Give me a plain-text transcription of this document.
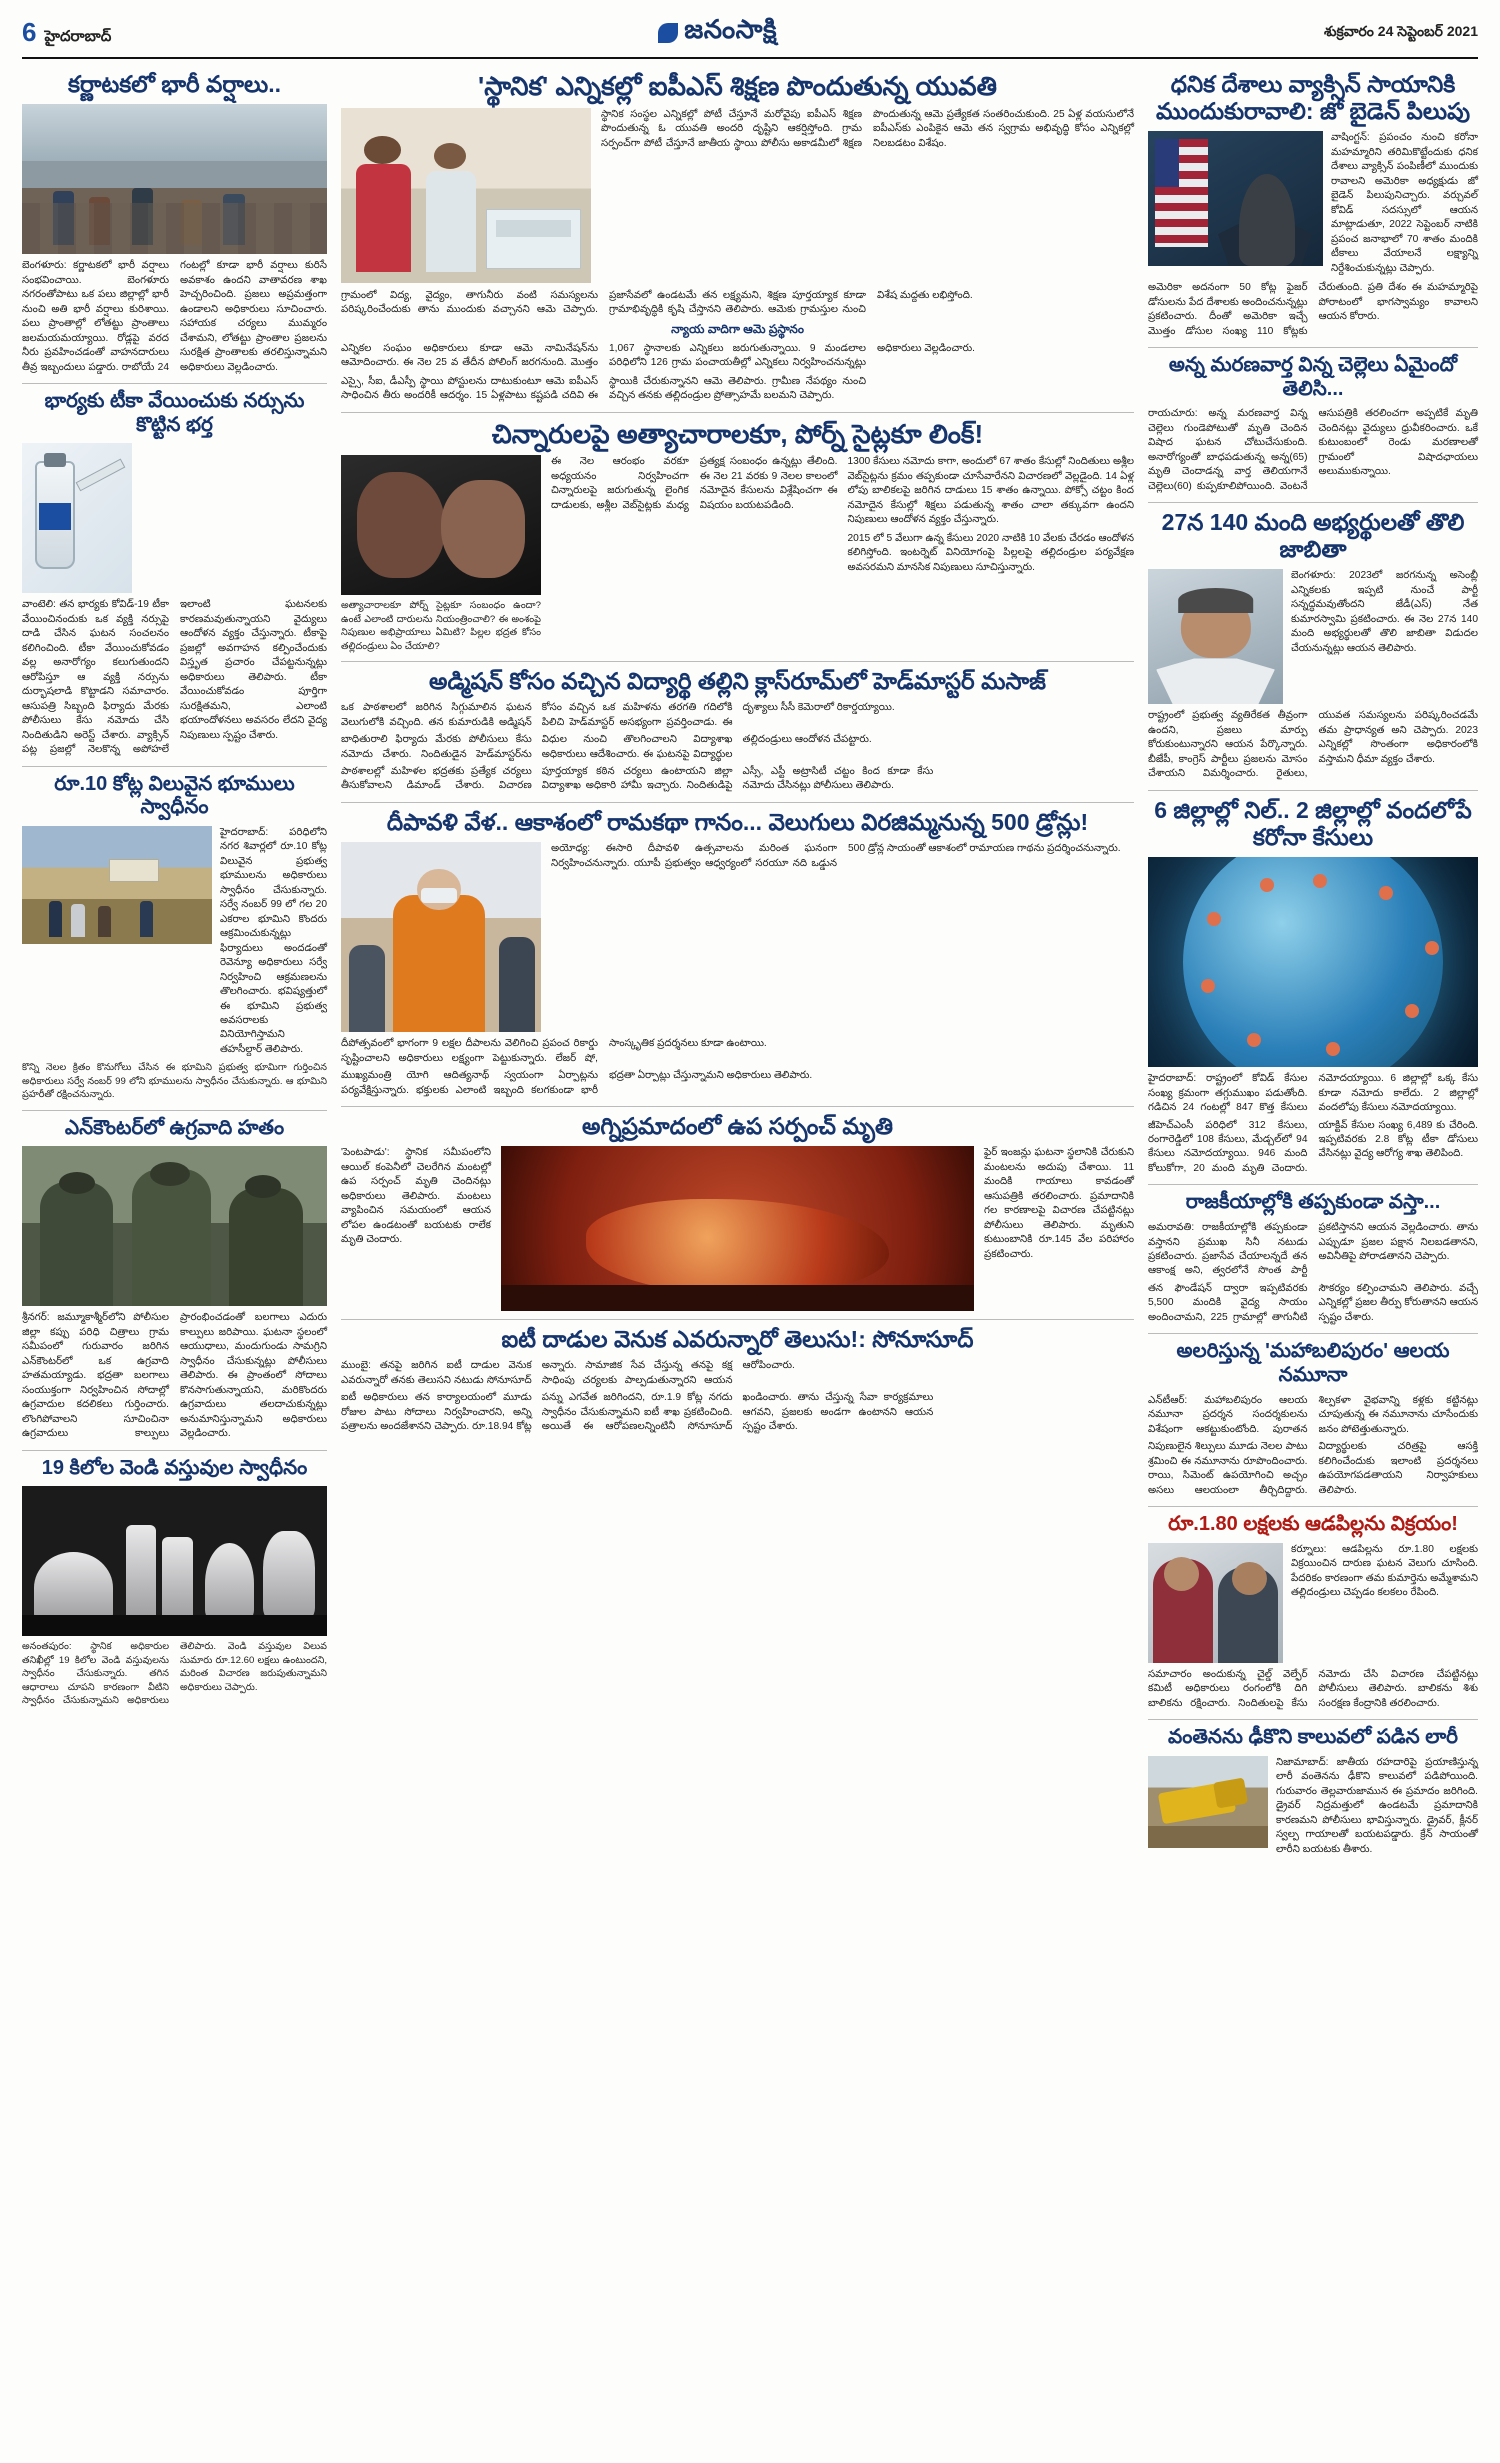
6 హైదరాబాద్	జనంసాక్షి	శుక్రవారం 24 సెప్టెంబర్ 2021
కర్ణాటకలో భారీ వర్షాలు..
బెంగళూరు: కర్ణాటకలో భారీ వర్షాలు సంభవించాయి. బెంగళూరు నగరంతోపాటు ఒక పలు జిల్లాల్లో భారీ నుంచి అతి భారీ వర్షాలు కురిశాయి. పలు ప్రాంతాల్లో లోతట్టు ప్రాంతాలు జలమయమయ్యాయి. రోడ్లపై వరద నీరు ప్రవహించడంతో వాహనదారులు తీవ్ర ఇబ్బందులు పడ్డారు. రాబోయే 24 గంటల్లో కూడా భారీ వర్షాలు కురిసే అవకాశం ఉందని వాతావరణ శాఖ హెచ్చరించింది. ప్రజలు అప్రమత్తంగా ఉండాలని అధికారులు సూచించారు. సహాయక చర్యలు ముమ్మరం చేశామని, లోతట్టు ప్రాంతాల ప్రజలను సురక్షిత ప్రాంతాలకు తరలిస్తున్నామని అధికారులు వెల్లడించారు.
భార్యకు టీకా వేయించుకు నర్సును కొట్టిన భర్త
వాంటెలి: తన భార్యకు కోవిడ్-19 టీకా వేయించినందుకు ఒక వ్యక్తి నర్సుపై దాడి చేసిన ఘటన సంచలనం కలిగించింది. టీకా వేయించుకోవడం వల్ల అనారోగ్యం కలుగుతుందని ఆరోపిస్తూ ఆ వ్యక్తి నర్సును దుర్భాషలాడి కొట్టాడని సమాచారం. ఆసుపత్రి సిబ్బంది ఫిర్యాదు మేరకు పోలీసులు కేసు నమోదు చేసి నిందితుడిని అరెస్ట్ చేశారు. వ్యాక్సిన్ పట్ల ప్రజల్లో నెలకొన్న అపోహలే ఇలాంటి ఘటనలకు కారణమవుతున్నాయని వైద్యులు ఆందోళన వ్యక్తం చేస్తున్నారు. టీకాపై ప్రజల్లో అవగాహన కల్పించేందుకు విస్తృత ప్రచారం చేపట్టనున్నట్లు అధికారులు తెలిపారు. టీకా వేయించుకోవడం పూర్తిగా సురక్షితమని, ఎలాంటి భయాందోళనలు అవసరం లేదని వైద్య నిపుణులు స్పష్టం చేశారు.
రూ.10 కోట్ల విలువైన భూములు స్వాధీనం
హైదరాబాద్: పరిధిలోని నగర శివార్లలో రూ.10 కోట్ల విలువైన ప్రభుత్వ భూములను అధికారులు స్వాధీనం చేసుకున్నారు. సర్వే నంబర్ 99 లో గల 20 ఎకరాల భూమిని కొందరు ఆక్రమించుకున్నట్లు ఫిర్యాదులు అందడంతో రెవెన్యూ అధికారులు సర్వే నిర్వహించి ఆక్రమణలను తొలగించారు. భవిష్యత్తులో ఈ భూమిని ప్రభుత్వ అవసరాలకు వినియోగిస్తామని తహసీల్దార్ తెలిపారు.
కొన్ని నెలల క్రితం కొనుగోలు చేసిన ఈ భూమిని ప్రభుత్వ భూమిగా గుర్తించిన అధికారులు సర్వే నంబర్ 99 లోని భూములను స్వాధీనం చేసుకున్నారు. ఆ భూమిని ప్రహరీతో రక్షించనున్నారు.
ఎన్‌కౌంటర్‌లో ఉగ్రవాది హతం
శ్రీనగర్: జమ్మూకాశ్మీర్‌లోని పోలీసుల జిల్లా కప్పు పరిధి చిత్రాలు గ్రామ సమీపంలో గురువారం జరిగిన ఎన్‌కౌంటర్‌లో ఒక ఉగ్రవాది హతమయ్యాడు. భద్రతా బలగాలు సంయుక్తంగా నిర్వహించిన సోదాల్లో ఉగ్రవాదుల కదలికలు గుర్తించారు. లొంగిపోవాలని సూచించినా ఉగ్రవాదులు కాల్పులు ప్రారంభించడంతో బలగాలు ఎదురు కాల్పులు జరిపాయి. ఘటనా స్థలంలో ఆయుధాలు, మందుగుండు సామగ్రిని స్వాధీనం చేసుకున్నట్లు పోలీసులు తెలిపారు. ఈ ప్రాంతంలో సోదాలు కొనసాగుతున్నాయని, మరికొందరు ఉగ్రవాదులు తలదాచుకున్నట్లు అనుమానిస్తున్నామని అధికారులు వెల్లడించారు.
19 కిలోల వెండి వస్తువుల స్వాధీనం
అనంతపురం: స్థానిక అధికారుల తనిఖీల్లో 19 కిలోల వెండి వస్తువులను స్వాధీనం చేసుకున్నారు. తగిన ఆధారాలు చూపని కారణంగా వీటిని స్వాధీనం చేసుకున్నామని అధికారులు తెలిపారు. వెండి వస్తువుల విలువ సుమారు రూ.12.60 లక్షలు ఉంటుందని, మరింత విచారణ జరుపుతున్నామని అధికారులు చెప్పారు.
'స్థానిక' ఎన్నికల్లో ఐపీఎస్ శిక్షణ పొందుతున్న యువతి
స్థానిక సంస్థల ఎన్నికల్లో పోటీ చేస్తూనే మరోవైపు ఐపీఎస్ శిక్షణ పొందుతున్న ఓ యువతి అందరి దృష్టిని ఆకర్షిస్తోంది. గ్రామ సర్పంచ్‌గా పోటీ చేస్తూనే జాతీయ స్థాయి పోలీసు అకాడమీలో శిక్షణ పొందుతున్న ఆమె ప్రత్యేకత సంతరించుకుంది. 25 ఏళ్ల వయసులోనే ఐపీఎస్‌కు ఎంపికైన ఆమె తన స్వగ్రామ అభివృద్ధి కోసం ఎన్నికల్లో నిలబడటం విశేషం.
గ్రామంలో విద్య, వైద్యం, తాగునీరు వంటి సమస్యలను పరిష్కరించేందుకు తాను ముందుకు వచ్చానని ఆమె చెప్పారు. ప్రజాసేవలో ఉండటమే తన లక్ష్యమని, శిక్షణ పూర్తయ్యాక కూడా గ్రామాభివృద్ధికి కృషి చేస్తానని తెలిపారు. ఆమెకు గ్రామస్తుల నుంచి విశేష మద్దతు లభిస్తోంది.
న్యాయ వాదిగా ఆమె ప్రస్థానం
ఎన్నికల సంఘం అధికారులు కూడా ఆమె నామినేషన్‌ను ఆమోదించారు. ఈ నెల 25 వ తేదీన పోలింగ్ జరగనుంది. మొత్తం 1,067 స్థానాలకు ఎన్నికలు జరుగుతున్నాయి. 9 మండలాల పరిధిలోని 126 గ్రామ పంచాయతీల్లో ఎన్నికలు నిర్వహించనున్నట్లు అధికారులు వెల్లడించారు.
ఎస్సై, సీఐ, డీఎస్పీ స్థాయి పోస్టులను దాటుకుంటూ ఆమె ఐపీఎస్ సాధించిన తీరు అందరికీ ఆదర్శం. 15 ఏళ్లపాటు కష్టపడి చదివి ఈ స్థాయికి చేరుకున్నానని ఆమె తెలిపారు. గ్రామీణ నేపథ్యం నుంచి వచ్చిన తనకు తల్లిదండ్రుల ప్రోత్సాహమే బలమని చెప్పారు.
చిన్నారులపై అత్యాచారాలకూ, పోర్న్ సైట్లకూ లింక్!
అత్యాచారాలకూ పోర్న్ సైట్లకూ సంబంధం ఉందా? ఉంటే ఎలాంటి దారులను నియంత్రించాలి? ఈ అంశంపై నిపుణుల అభిప్రాయాలు ఏమిటి? పిల్లల భద్రత కోసం తల్లిదండ్రులు ఏం చేయాలి?
ఈ నెల ఆరంభం వరకూ అధ్యయనం నిర్వహించగా చిన్నారులపై జరుగుతున్న లైంగిక దాడులకు, అశ్లీల వెబ్‌సైట్లకు మధ్య ప్రత్యక్ష సంబంధం ఉన్నట్లు తేలింది. ఈ నెల 21 వరకు 9 నెలల కాలంలో నమోదైన కేసులను విశ్లేషించగా ఈ విషయం బయటపడింది.
1300 కేసులు నమోదు కాగా, అందులో 67 శాతం కేసుల్లో నిందితులు అశ్లీల వెబ్‌సైట్లను క్రమం తప్పకుండా చూసేవారేనని విచారణలో వెల్లడైంది. 14 ఏళ్ల లోపు బాలికలపై జరిగిన దాడులు 15 శాతం ఉన్నాయి. పోక్సో చట్టం కింద నమోదైన కేసుల్లో శిక్షలు పడుతున్న శాతం చాలా తక్కువగా ఉందని నిపుణులు ఆందోళన వ్యక్తం చేస్తున్నారు.
2015 లో 5 వేలుగా ఉన్న కేసులు 2020 నాటికి 10 వేలకు చేరడం ఆందోళన కలిగిస్తోంది. ఇంటర్నెట్ వినియోగంపై పిల్లలపై తల్లిదండ్రుల పర్యవేక్షణ అవసరమని మానసిక నిపుణులు సూచిస్తున్నారు.
అడ్మిషన్ కోసం వచ్చిన విద్యార్థి తల్లిని క్లాస్‌రూమ్‌లో హెడ్‌మాస్టర్ మసాజ్
ఒక పాఠశాలలో జరిగిన సిగ్గుమాలిన ఘటన వెలుగులోకి వచ్చింది. తన కుమారుడికి అడ్మిషన్ కోసం వచ్చిన ఒక మహిళను తరగతి గదిలోకి పిలిచి హెడ్‌మాస్టర్ అసభ్యంగా ప్రవర్తించాడు. ఈ దృశ్యాలు సీసీ కెమెరాలో రికార్డయ్యాయి.
బాధితురాలి ఫిర్యాదు మేరకు పోలీసులు కేసు నమోదు చేశారు. నిందితుడైన హెడ్‌మాస్టర్‌ను విధుల నుంచి తొలగించాలని విద్యాశాఖ అధికారులు ఆదేశించారు. ఈ ఘటనపై విద్యార్థుల తల్లిదండ్రులు ఆందోళన చేపట్టారు.
పాఠశాలల్లో మహిళల భద్రతకు ప్రత్యేక చర్యలు తీసుకోవాలని డిమాండ్ చేశారు. విచారణ పూర్తయ్యాక కఠిన చర్యలు ఉంటాయని జిల్లా విద్యాశాఖ అధికారి హామీ ఇచ్చారు. నిందితుడిపై ఎస్సీ, ఎస్టీ అట్రాసిటీ చట్టం కింద కూడా కేసు నమోదు చేసినట్లు పోలీసులు తెలిపారు.
దీపావళి వేళ.. ఆకాశంలో రామకథా గానం... వెలుగులు విరజిమ్మనున్న 500 డ్రోన్లు!
అయోధ్య: ఈసారి దీపావళి ఉత్సవాలను మరింత ఘనంగా నిర్వహించనున్నారు. యూపీ ప్రభుత్వం ఆధ్వర్యంలో సరయూ నది ఒడ్డున 500 డ్రోన్ల సాయంతో ఆకాశంలో రామాయణ గాథను ప్రదర్శించనున్నారు.
దీపోత్సవంలో భాగంగా 9 లక్షల దీపాలను వెలిగించి ప్రపంచ రికార్డు సృష్టించాలని అధికారులు లక్ష్యంగా పెట్టుకున్నారు. లేజర్ షో, సాంస్కృతిక ప్రదర్శనలు కూడా ఉంటాయి.
ముఖ్యమంత్రి యోగి ఆదిత్యనాథ్ స్వయంగా ఏర్పాట్లను పర్యవేక్షిస్తున్నారు. భక్తులకు ఎలాంటి ఇబ్బంది కలగకుండా భారీ భద్రతా ఏర్పాట్లు చేస్తున్నామని అధికారులు తెలిపారు.
అగ్నిప్రమాదంలో ఉప సర్పంచ్ మృతి
'పెంటపాడు': స్థానిక సమీపంలోని ఆయిల్ కంపెనీలో చెలరేగిన మంటల్లో ఉప సర్పంచ్ మృతి చెందినట్లు అధికారులు తెలిపారు. మంటలు వ్యాపించిన సమయంలో ఆయన లోపల ఉండటంతో బయటకు రాలేక మృతి చెందారు.
ఫైర్ ఇంజన్లు ఘటనా స్థలానికి చేరుకుని మంటలను అదుపు చేశాయి. 11 మందికి గాయాలు కావడంతో ఆసుపత్రికి తరలించారు. ప్రమాదానికి గల కారణాలపై విచారణ చేపట్టినట్లు పోలీసులు తెలిపారు. మృతుని కుటుంబానికి రూ.145 వేల పరిహారం ప్రకటించారు.
ఐటీ దాడుల వెనుక ఎవరున్నారో తెలుసు!: సోనూసూద్
ముంబై: తనపై జరిగిన ఐటీ దాడుల వెనుక ఎవరున్నారో తనకు తెలుసని నటుడు సోనూసూద్ అన్నారు. సామాజిక సేవ చేస్తున్న తనపై కక్ష సాధింపు చర్యలకు పాల్పడుతున్నారని ఆయన ఆరోపించారు.
ఐటీ అధికారులు తన కార్యాలయంలో మూడు రోజుల పాటు సోదాలు నిర్వహించారని, అన్ని పత్రాలను అందజేశానని చెప్పారు. రూ.18.94 కోట్ల పన్ను ఎగవేత జరిగిందని, రూ.1.9 కోట్ల నగదు స్వాధీనం చేసుకున్నామని ఐటీ శాఖ ప్రకటించింది. అయితే ఈ ఆరోపణలన్నింటినీ సోనూసూద్ ఖండించారు. తాను చేస్తున్న సేవా కార్యక్రమాలు ఆగవని, ప్రజలకు అండగా ఉంటానని ఆయన స్పష్టం చేశారు.
ధనిక దేశాలు వ్యాక్సిన్ సాయానికి ముందుకురావాలి: జో బైడెన్ పిలుపు
వాషింగ్టన్: ప్రపంచం నుంచి కరోనా మహమ్మారిని తరిమికొట్టేందుకు ధనిక దేశాలు వ్యాక్సిన్ పంపిణీలో ముందుకు రావాలని అమెరికా అధ్యక్షుడు జో బైడెన్ పిలుపునిచ్చారు. వర్చువల్ కోవిడ్ సదస్సులో ఆయన మాట్లాడుతూ, 2022 సెప్టెంబర్ నాటికి ప్రపంచ జనాభాలో 70 శాతం మందికి టీకాలు వేయాలనే లక్ష్యాన్ని నిర్దేశించుకున్నట్లు చెప్పారు.
అమెరికా అదనంగా 50 కోట్ల ఫైజర్ డోసులను పేద దేశాలకు అందించనున్నట్లు ప్రకటించారు. దీంతో అమెరికా ఇచ్చే మొత్తం డోసుల సంఖ్య 110 కోట్లకు చేరుతుంది. ప్రతి దేశం ఈ మహమ్మారిపై పోరాటంలో భాగస్వామ్యం కావాలని ఆయన కోరారు.
అన్న మరణవార్త విన్న చెల్లెలు ఏమైందో తెలిసి...
రాయచూరు: అన్న మరణవార్త విన్న చెల్లెలు గుండెపోటుతో మృతి చెందిన విషాద ఘటన చోటుచేసుకుంది. అనారోగ్యంతో బాధపడుతున్న అన్న(65) మృతి చెందాడన్న వార్త తెలియగానే చెల్లెలు(60) కుప్పకూలిపోయింది. వెంటనే ఆసుపత్రికి తరలించగా అప్పటికే మృతి చెందినట్లు వైద్యులు ధ్రువీకరించారు. ఒకే కుటుంబంలో రెండు మరణాలతో గ్రామంలో విషాదఛాయలు అలుముకున్నాయి.
27న 140 మంది అభ్యర్థులతో తొలి జాబితా
బెంగళూరు: 2023లో జరగనున్న అసెంబ్లీ ఎన్నికలకు ఇప్పటి నుంచే పార్టీ సన్నద్ధమవుతోందని జేడీ(ఎస్) నేత కుమారస్వామి ప్రకటించారు. ఈ నెల 27న 140 మంది అభ్యర్థులతో తొలి జాబితా విడుదల చేయనున్నట్లు ఆయన తెలిపారు.
రాష్ట్రంలో ప్రభుత్వ వ్యతిరేకత తీవ్రంగా ఉందని, ప్రజలు మార్పు కోరుకుంటున్నారని ఆయన పేర్కొన్నారు. బీజేపీ, కాంగ్రెస్ పార్టీలు ప్రజలను మోసం చేశాయని విమర్శించారు. రైతులు, యువత సమస్యలను పరిష్కరించడమే తమ ప్రాధాన్యత అని చెప్పారు. 2023 ఎన్నికల్లో సొంతంగా అధికారంలోకి వస్తామని ధీమా వ్యక్తం చేశారు.
6 జిల్లాల్లో నిల్.. 2 జిల్లాల్లో వందలోపే కరోనా కేసులు
హైదరాబాద్: రాష్ట్రంలో కోవిడ్ కేసుల సంఖ్య క్రమంగా తగ్గుముఖం పడుతోంది. గడిచిన 24 గంటల్లో 847 కొత్త కేసులు నమోదయ్యాయి. 6 జిల్లాల్లో ఒక్క కేసు కూడా నమోదు కాలేదు. 2 జిల్లాల్లో వందలోపు కేసులు నమోదయ్యాయి.
జీహెచ్ఎంసీ పరిధిలో 312 కేసులు, రంగారెడ్డిలో 108 కేసులు, మేడ్చల్‌లో 94 కేసులు నమోదయ్యాయి. 946 మంది కోలుకోగా, 20 మంది మృతి చెందారు. యాక్టివ్ కేసుల సంఖ్య 6,489 కు చేరింది. ఇప్పటివరకు 2.8 కోట్ల టీకా డోసులు వేసినట్లు వైద్య ఆరోగ్య శాఖ తెలిపింది.
రాజకీయాల్లోకి తప్పకుండా వస్తా...
అమరావతి: రాజకీయాల్లోకి తప్పకుండా వస్తానని ప్రముఖ సినీ నటుడు ప్రకటించారు. ప్రజాసేవ చేయాలన్నదే తన ఆకాంక్ష అని, త్వరలోనే సొంత పార్టీ ప్రకటిస్తానని ఆయన వెల్లడించారు. తాను ఎప్పుడూ ప్రజల పక్షాన నిలబడతానని, అవినీతిపై పోరాడతానని చెప్పారు.
తన ఫౌండేషన్ ద్వారా ఇప్పటివరకు 5,500 మందికి వైద్య సాయం అందించామని, 225 గ్రామాల్లో తాగునీటి సౌకర్యం కల్పించామని తెలిపారు. వచ్చే ఎన్నికల్లో ప్రజల తీర్పు కోరుతానని ఆయన స్పష్టం చేశారు.
అలరిస్తున్న 'మహాబలిపురం' ఆలయ నమూనా
ఎన్‌టీఆర్: మహాబలిపురం ఆలయ నమూనా ప్రదర్శన సందర్శకులను విశేషంగా ఆకట్టుకుంటోంది. పురాతన శిల్పకళా వైభవాన్ని కళ్లకు కట్టినట్లు చూపుతున్న ఈ నమూనాను చూసేందుకు జనం పోటెత్తుతున్నారు.
నిపుణులైన శిల్పులు మూడు నెలల పాటు శ్రమించి ఈ నమూనాను రూపొందించారు. రాయి, సిమెంట్ ఉపయోగించి అచ్చం అసలు ఆలయంలా తీర్చిదిద్దారు. విద్యార్థులకు చరిత్రపై ఆసక్తి కలిగించేందుకు ఇలాంటి ప్రదర్శనలు ఉపయోగపడతాయని నిర్వాహకులు తెలిపారు.
రూ.1.80 లక్షలకు ఆడపిల్లను విక్రయం!
కర్నూలు: ఆడపిల్లను రూ.1.80 లక్షలకు విక్రయించిన దారుణ ఘటన వెలుగు చూసింది. పేదరికం కారణంగా తమ కుమార్తెను అమ్మేశామని తల్లిదండ్రులు చెప్పడం కలకలం రేపింది.
సమాచారం అందుకున్న చైల్డ్ వెల్ఫేర్ కమిటీ అధికారులు రంగంలోకి దిగి బాలికను రక్షించారు. నిందితులపై కేసు నమోదు చేసి విచారణ చేపట్టినట్లు పోలీసులు తెలిపారు. బాలికను శిశు సంరక్షణ కేంద్రానికి తరలించారు.
వంతెనను ఢీకొని కాలువలో పడిన లారీ
నిజామాబాద్: జాతీయ రహదారిపై ప్రయాణిస్తున్న లారీ వంతెనను ఢీకొని కాలువలో పడిపోయింది. గురువారం తెల్లవారుజామున ఈ ప్రమాదం జరిగింది. డ్రైవర్ నిద్రమత్తులో ఉండటమే ప్రమాదానికి కారణమని పోలీసులు భావిస్తున్నారు. డ్రైవర్, క్లీనర్ స్వల్ప గాయాలతో బయటపడ్డారు. క్రేన్ సాయంతో లారీని బయటకు తీశారు.
